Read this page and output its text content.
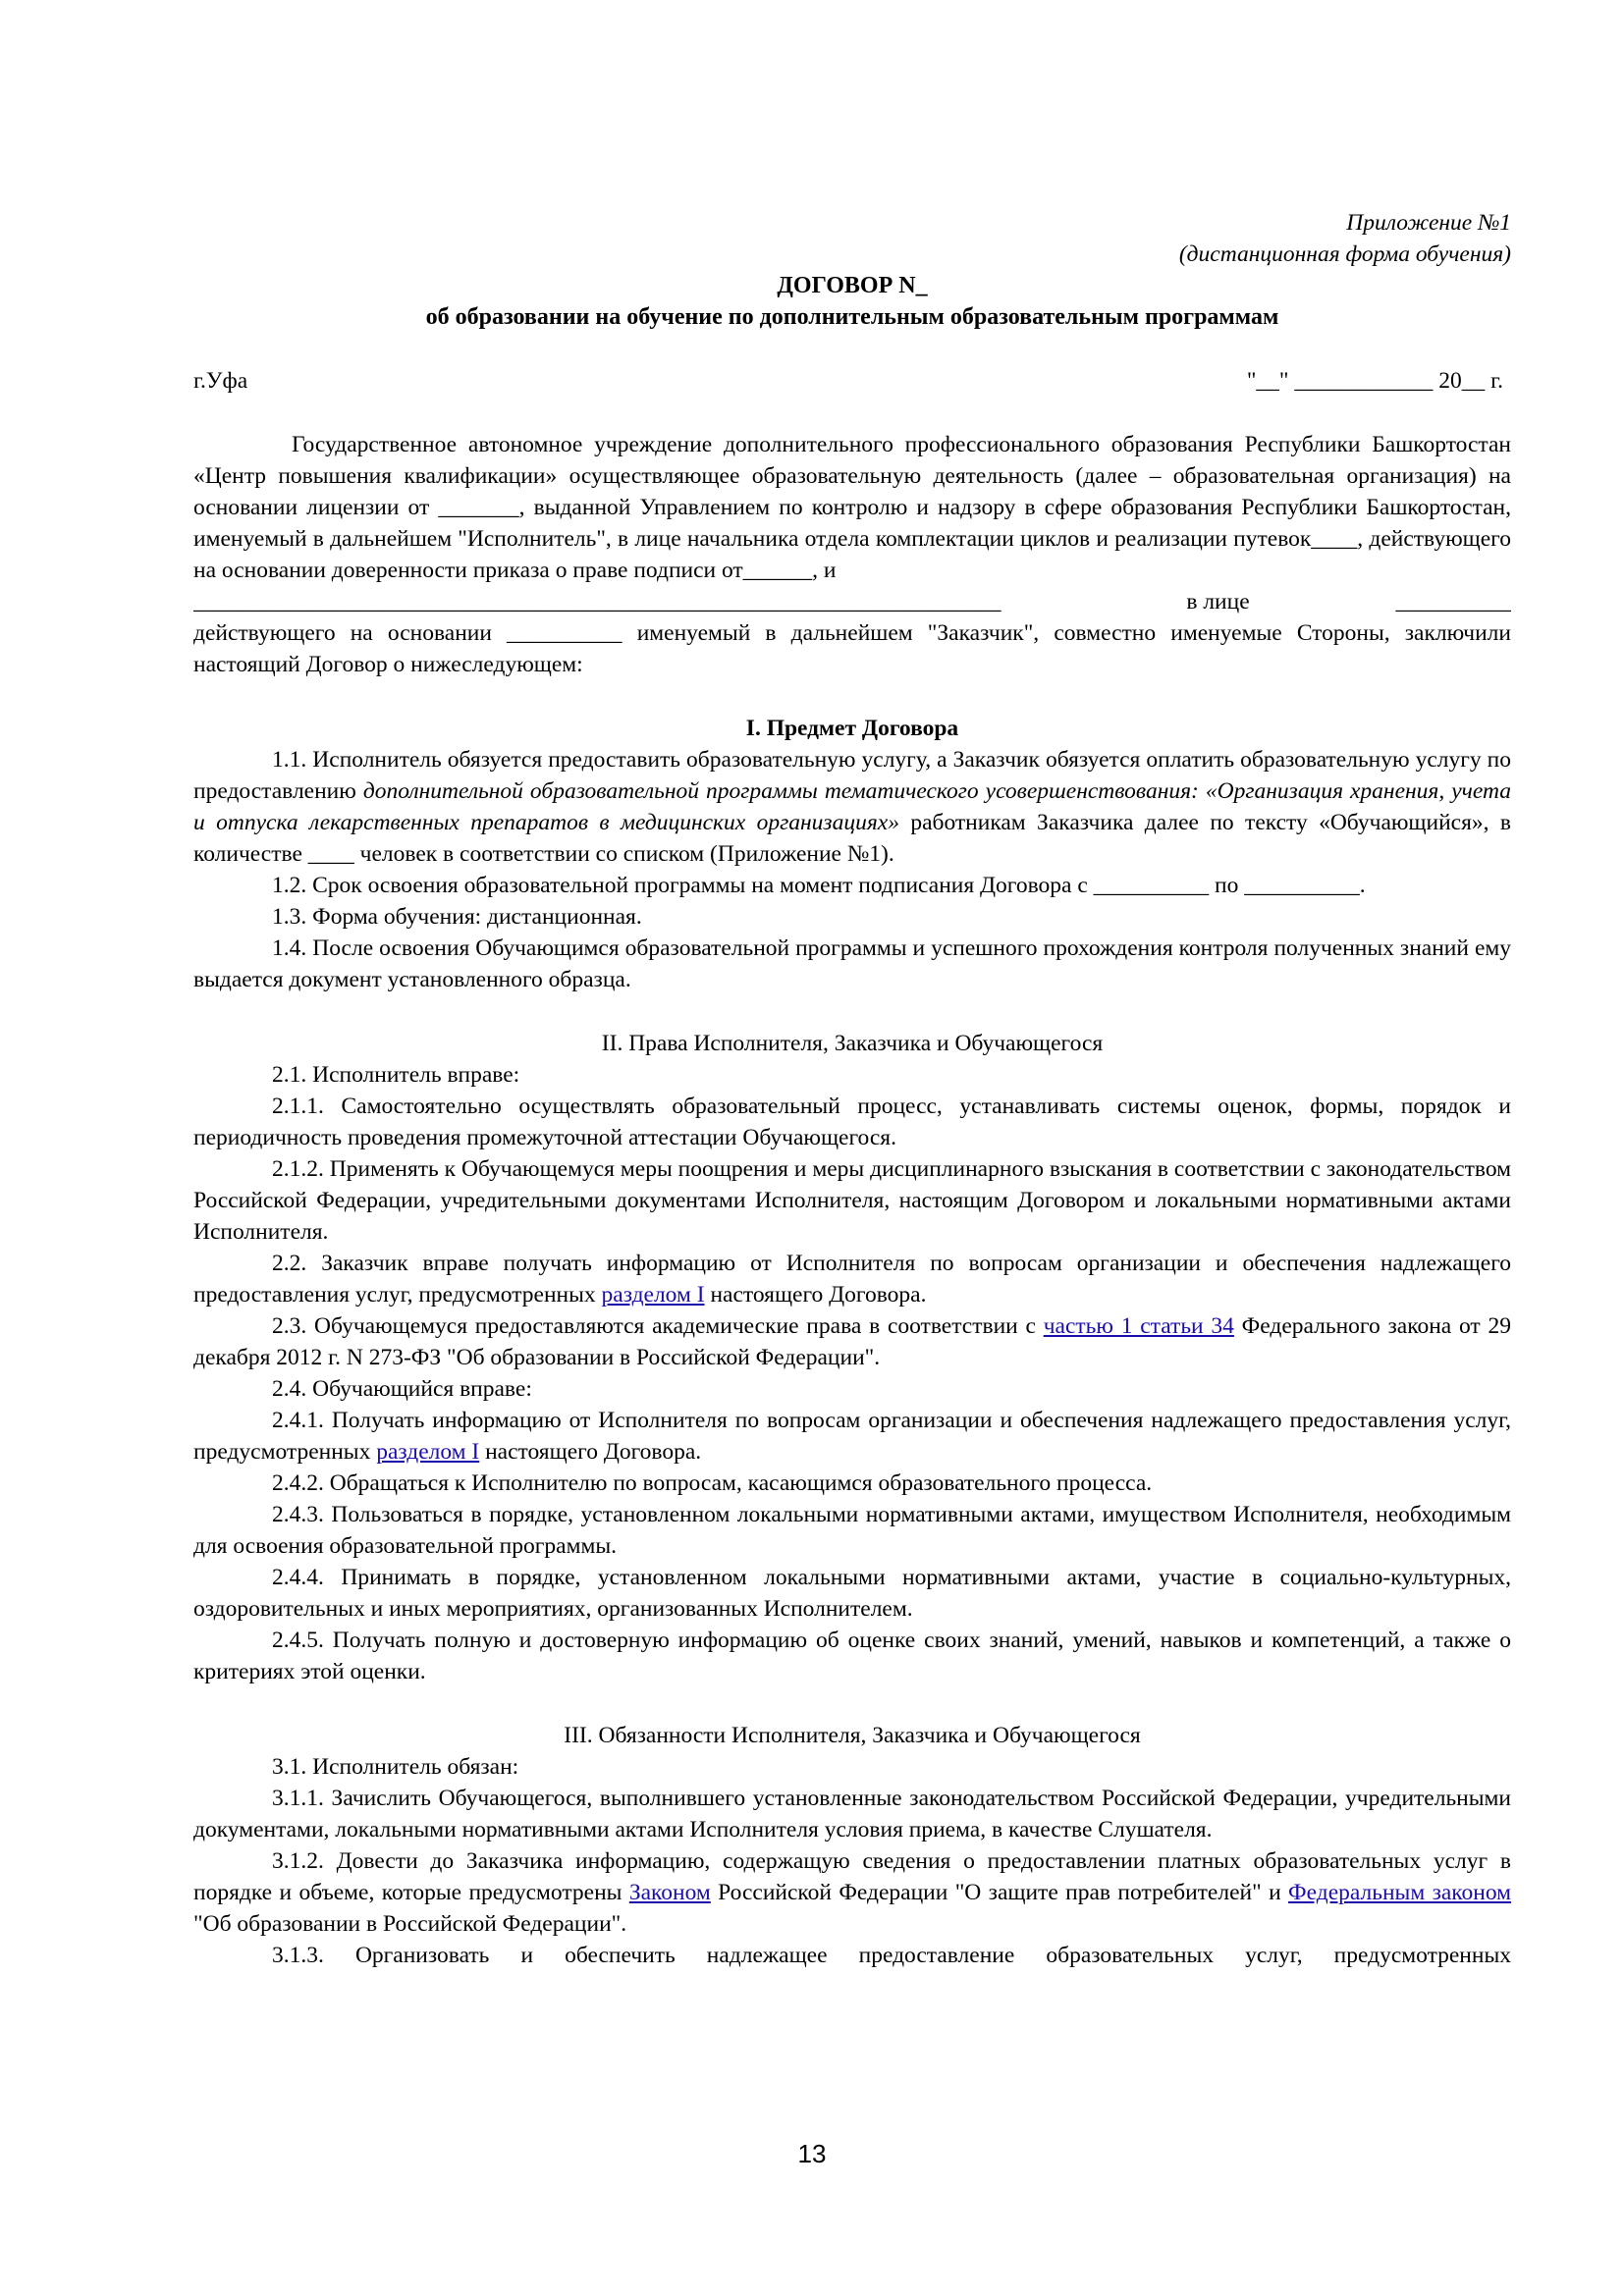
Приложение №1

(дистанционная форма обучения)

ДОГОВОР N_

об образовании на обучение по дополнительным образовательным программам

г.Уфа	"__" ____________ 20__ г.

Государственное автономное учреждение дополнительного профессионального образования Республики Башкортостан «Центр повышения квалификации» осуществляющее образовательную деятельность (далее – образовательная организация) на основании лицензии от _______, выданной Управлением по контролю и надзору в сфере образования Республики Башкортостан, именуемый в дальнейшем "Исполнитель", в лице начальника отдела комплектации циклов и реализации путевок____, действующего на основании доверенности приказа о праве подписи от______, и

______________________________________________________________________	в лице	__________

действующего на основании __________ именуемый в дальнейшем "Заказчик", совместно именуемые Стороны, заключили настоящий Договор о нижеследующем:

I. Предмет Договора

1.1. Исполнитель обязуется предоставить образовательную услугу, а Заказчик обязуется оплатить образовательную услугу по предоставлению дополнительной образовательной программы тематического усовершенствования: «Организация хранения, учета и отпуска лекарственных препаратов в медицинских организациях» работникам Заказчика далее по тексту «Обучающийся», в количестве ____ человек в соответствии со списком (Приложение №1).

1.2. Срок освоения образовательной программы на момент подписания Договора с __________ по __________.

1.3. Форма обучения: дистанционная.

1.4. После освоения Обучающимся образовательной программы и успешного прохождения контроля полученных знаний ему выдается документ установленного образца.

II. Права Исполнителя, Заказчика и Обучающегося

2.1. Исполнитель вправе:

2.1.1. Самостоятельно осуществлять образовательный процесс, устанавливать системы оценок, формы, порядок и периодичность проведения промежуточной аттестации Обучающегося.

2.1.2. Применять к Обучающемуся меры поощрения и меры дисциплинарного взыскания в соответствии с законодательством Российской Федерации, учредительными документами Исполнителя, настоящим Договором и локальными нормативными актами Исполнителя.

2.2. Заказчик вправе получать информацию от Исполнителя по вопросам организации и обеспечения надлежащего предоставления услуг, предусмотренных разделом I настоящего Договора.

2.3. Обучающемуся предоставляются академические права в соответствии с частью 1 статьи 34 Федерального закона от 29 декабря 2012 г. N 273-ФЗ "Об образовании в Российской Федерации".

2.4. Обучающийся вправе:

2.4.1. Получать информацию от Исполнителя по вопросам организации и обеспечения надлежащего предоставления услуг, предусмотренных разделом I настоящего Договора.

2.4.2. Обращаться к Исполнителю по вопросам, касающимся образовательного процесса.

2.4.3. Пользоваться в порядке, установленном локальными нормативными актами, имуществом Исполнителя, необходимым для освоения образовательной программы.

2.4.4. Принимать в порядке, установленном локальными нормативными актами, участие в социально-культурных, оздоровительных и иных мероприятиях, организованных Исполнителем.

2.4.5. Получать полную и достоверную информацию об оценке своих знаний, умений, навыков и компетенций, а также о критериях этой оценки.

III. Обязанности Исполнителя, Заказчика и Обучающегося

3.1. Исполнитель обязан:

3.1.1. Зачислить Обучающегося, выполнившего установленные законодательством Российской Федерации, учредительными документами, локальными нормативными актами Исполнителя условия приема, в качестве Слушателя.

3.1.2. Довести до Заказчика информацию, содержащую сведения о предоставлении платных образовательных услуг в порядке и объеме, которые предусмотрены Законом Российской Федерации "О защите прав потребителей" и Федеральным законом "Об образовании в Российской Федерации".

3.1.3. Организовать и обеспечить надлежащее предоставление образовательных услуг, предусмотренных

13
